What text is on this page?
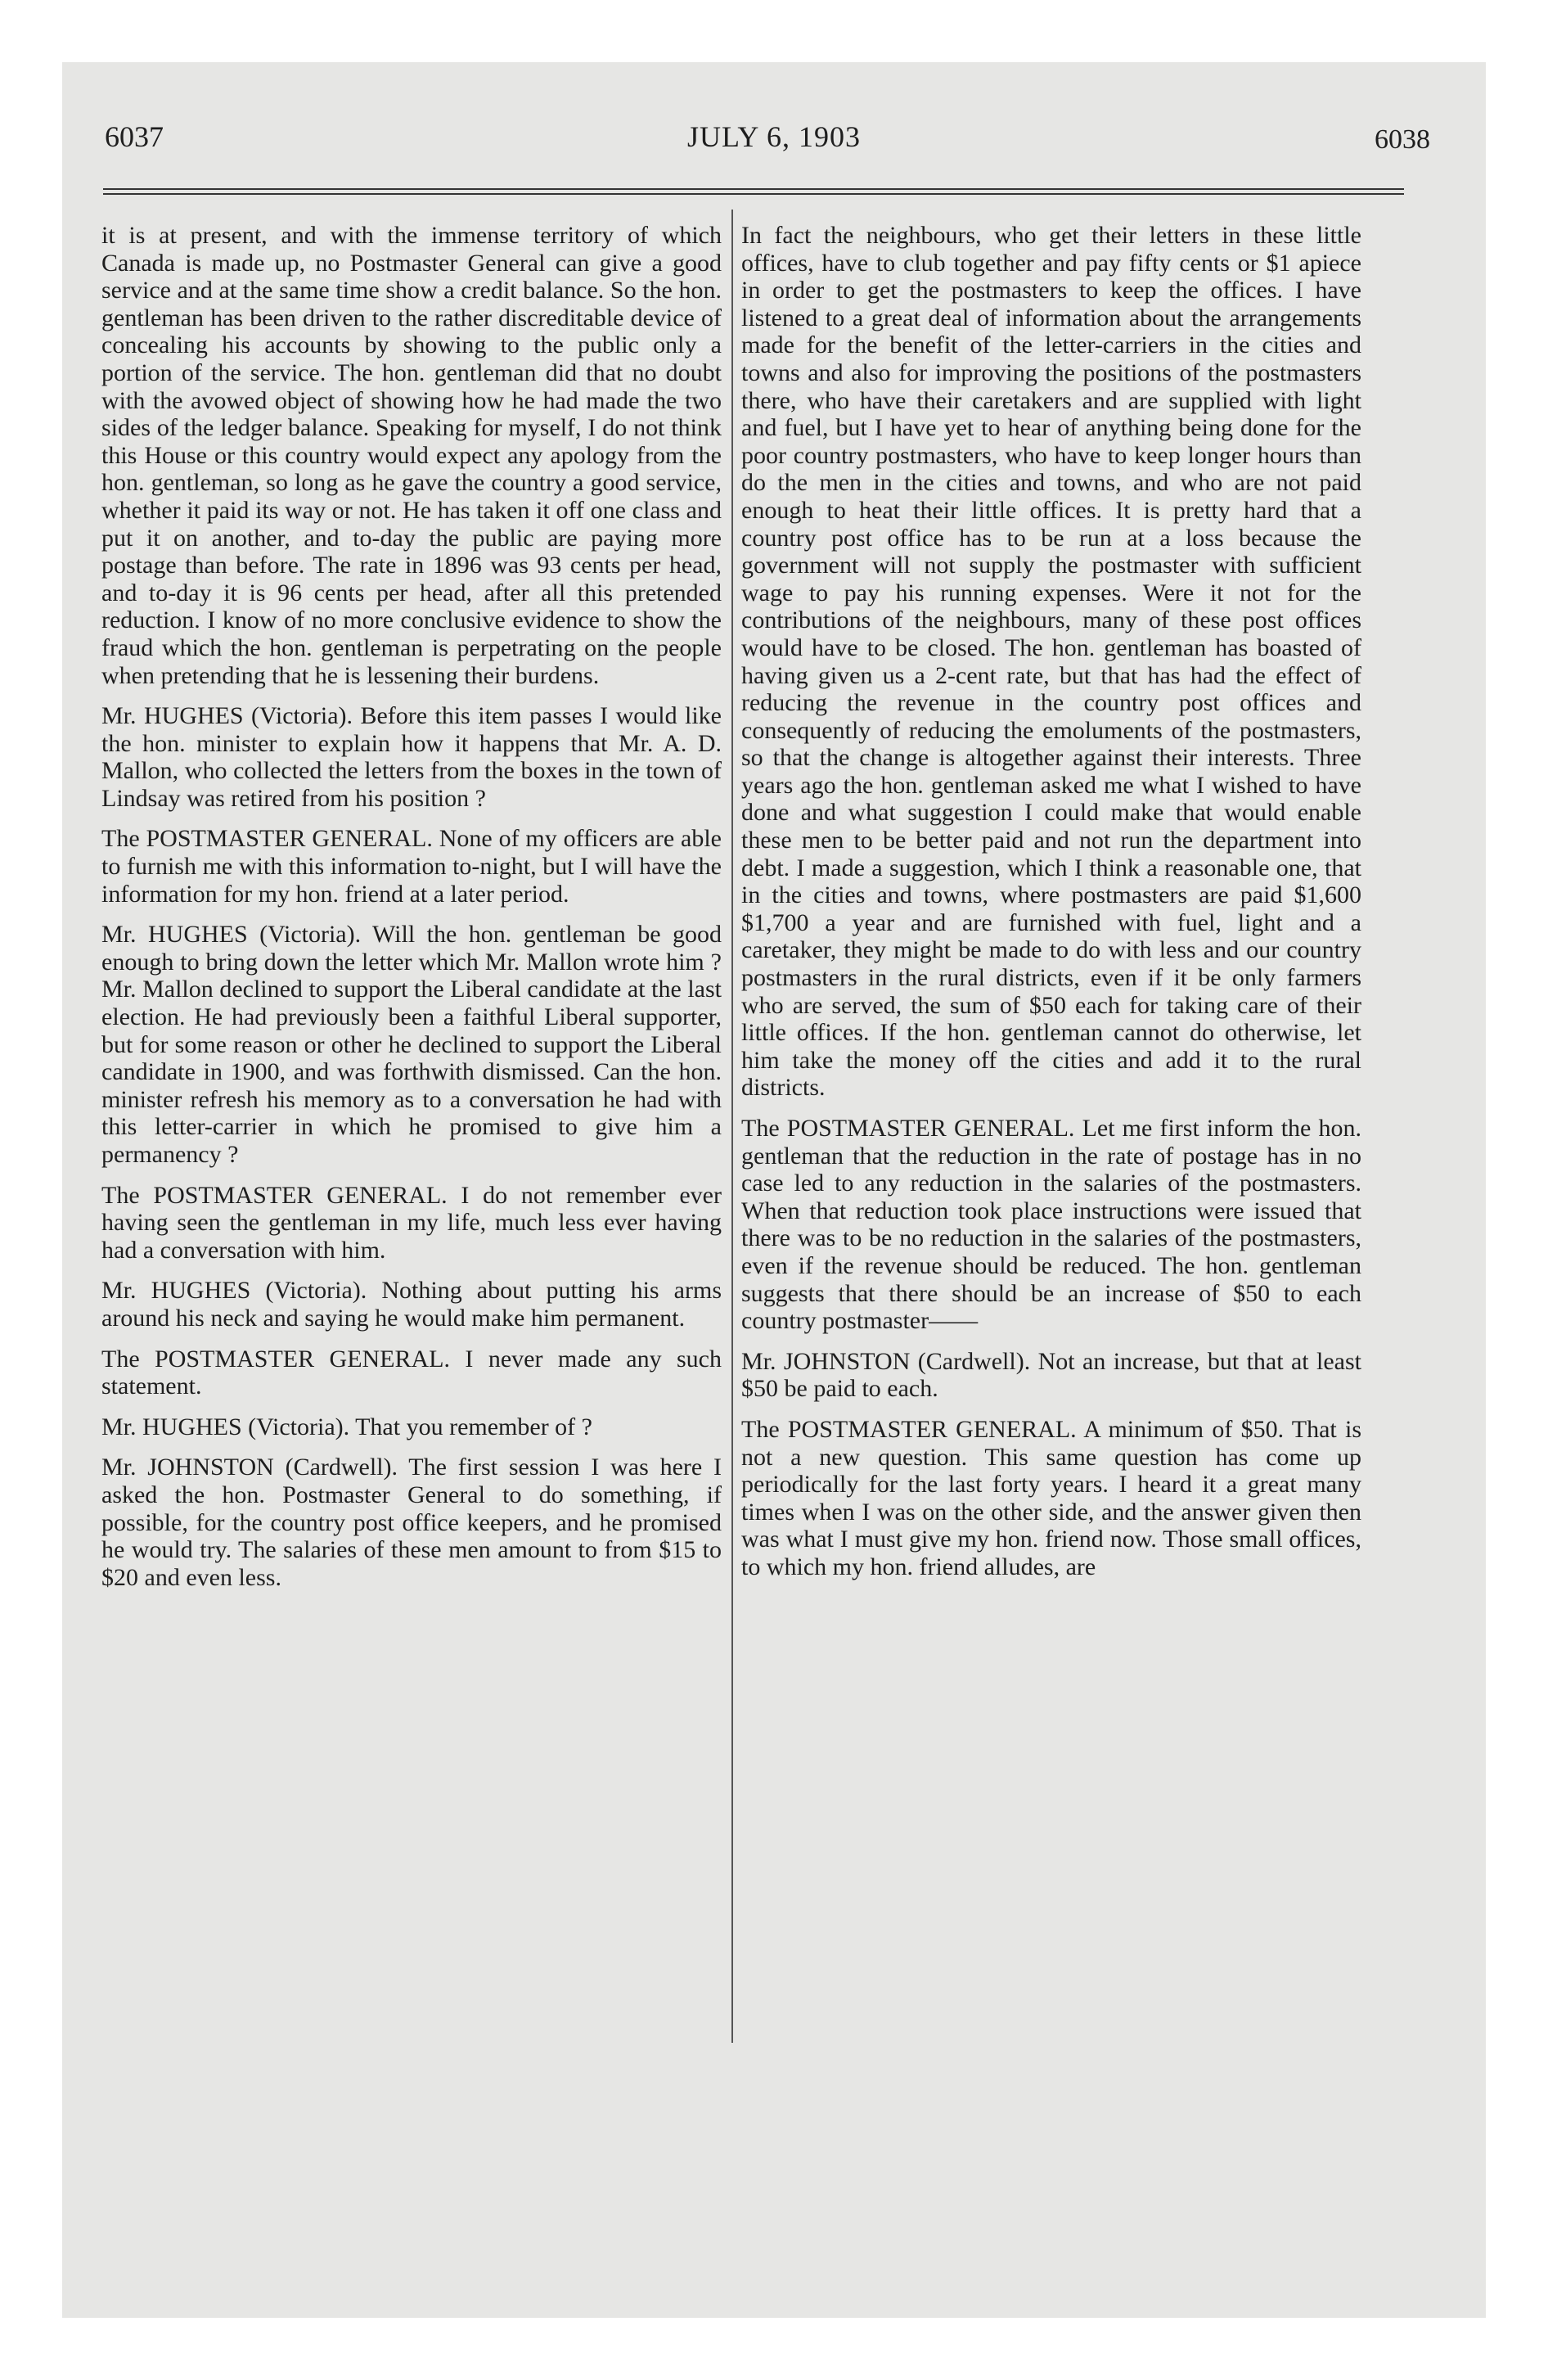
6037	JULY 6, 1903	6038

it is at present, and with the immense territory of which Canada is made up, no Postmaster General can give a good service and at the same time show a credit balance. So the hon. gentleman has been driven to the rather discreditable device of concealing his accounts by showing to the public only a portion of the service. The hon. gentleman did that no doubt with the avowed object of showing how he had made the two sides of the ledger balance. Speaking for myself, I do not think this House or this country would expect any apology from the hon. gentleman, so long as he gave the country a good service, whether it paid its way or not. He has taken it off one class and put it on another, and to-day the public are paying more postage than before. The rate in 1896 was 93 cents per head, and to-day it is 96 cents per head, after all this pretended reduction. I know of no more conclusive evidence to show the fraud which the hon. gentleman is perpetrating on the people when pretending that he is lessening their burdens.

Mr. HUGHES (Victoria). Before this item passes I would like the hon. minister to explain how it happens that Mr. A. D. Mallon, who collected the letters from the boxes in the town of Lindsay was retired from his position ?

The POSTMASTER GENERAL. None of my officers are able to furnish me with this information to-night, but I will have the information for my hon. friend at a later period.

Mr. HUGHES (Victoria). Will the hon. gentleman be good enough to bring down the letter which Mr. Mallon wrote him ? Mr. Mallon declined to support the Liberal candidate at the last election. He had previously been a faithful Liberal supporter, but for some reason or other he declined to support the Liberal candidate in 1900, and was forthwith dismissed. Can the hon. minister refresh his memory as to a conversation he had with this letter-carrier in which he promised to give him a permanency ?

The POSTMASTER GENERAL. I do not remember ever having seen the gentleman in my life, much less ever having had a conversation with him.

Mr. HUGHES (Victoria). Nothing about putting his arms around his neck and saying he would make him permanent.

The POSTMASTER GENERAL. I never made any such statement.

Mr. HUGHES (Victoria). That you remember of ?

Mr. JOHNSTON (Cardwell). The first session I was here I asked the hon. Postmaster General to do something, if possible, for the country post office keepers, and he promised he would try. The salaries of these men amount to from $15 to $20 and even less.

In fact the neighbours, who get their letters in these little offices, have to club together and pay fifty cents or $1 apiece in order to get the postmasters to keep the offices. I have listened to a great deal of information about the arrangements made for the benefit of the letter-carriers in the cities and towns and also for improving the positions of the postmasters there, who have their caretakers and are supplied with light and fuel, but I have yet to hear of anything being done for the poor country postmasters, who have to keep longer hours than do the men in the cities and towns, and who are not paid enough to heat their little offices. It is pretty hard that a country post office has to be run at a loss because the government will not supply the postmaster with sufficient wage to pay his running expenses. Were it not for the contributions of the neighbours, many of these post offices would have to be closed. The hon. gentleman has boasted of having given us a 2-cent rate, but that has had the effect of reducing the revenue in the country post offices and consequently of reducing the emoluments of the postmasters, so that the change is altogether against their interests. Three years ago the hon. gentleman asked me what I wished to have done and what suggestion I could make that would enable these men to be better paid and not run the department into debt. I made a suggestion, which I think a reasonable one, that in the cities and towns, where postmasters are paid $1,600 $1,700 a year and are furnished with fuel, light and a caretaker, they might be made to do with less and our country postmasters in the rural districts, even if it be only farmers who are served, the sum of $50 each for taking care of their little offices. If the hon. gentleman cannot do otherwise, let him take the money off the cities and add it to the rural districts.

The POSTMASTER GENERAL. Let me first inform the hon. gentleman that the reduction in the rate of postage has in no case led to any reduction in the salaries of the postmasters. When that reduction took place instructions were issued that there was to be no reduction in the salaries of the postmasters, even if the revenue should be reduced. The hon. gentleman suggests that there should be an increase of $50 to each country postmaster——

Mr. JOHNSTON (Cardwell). Not an increase, but that at least $50 be paid to each.

The POSTMASTER GENERAL. A minimum of $50. That is not a new question. This same question has come up periodically for the last forty years. I heard it a great many times when I was on the other side, and the answer given then was what I must give my hon. friend now. Those small offices, to which my hon. friend alludes, are
